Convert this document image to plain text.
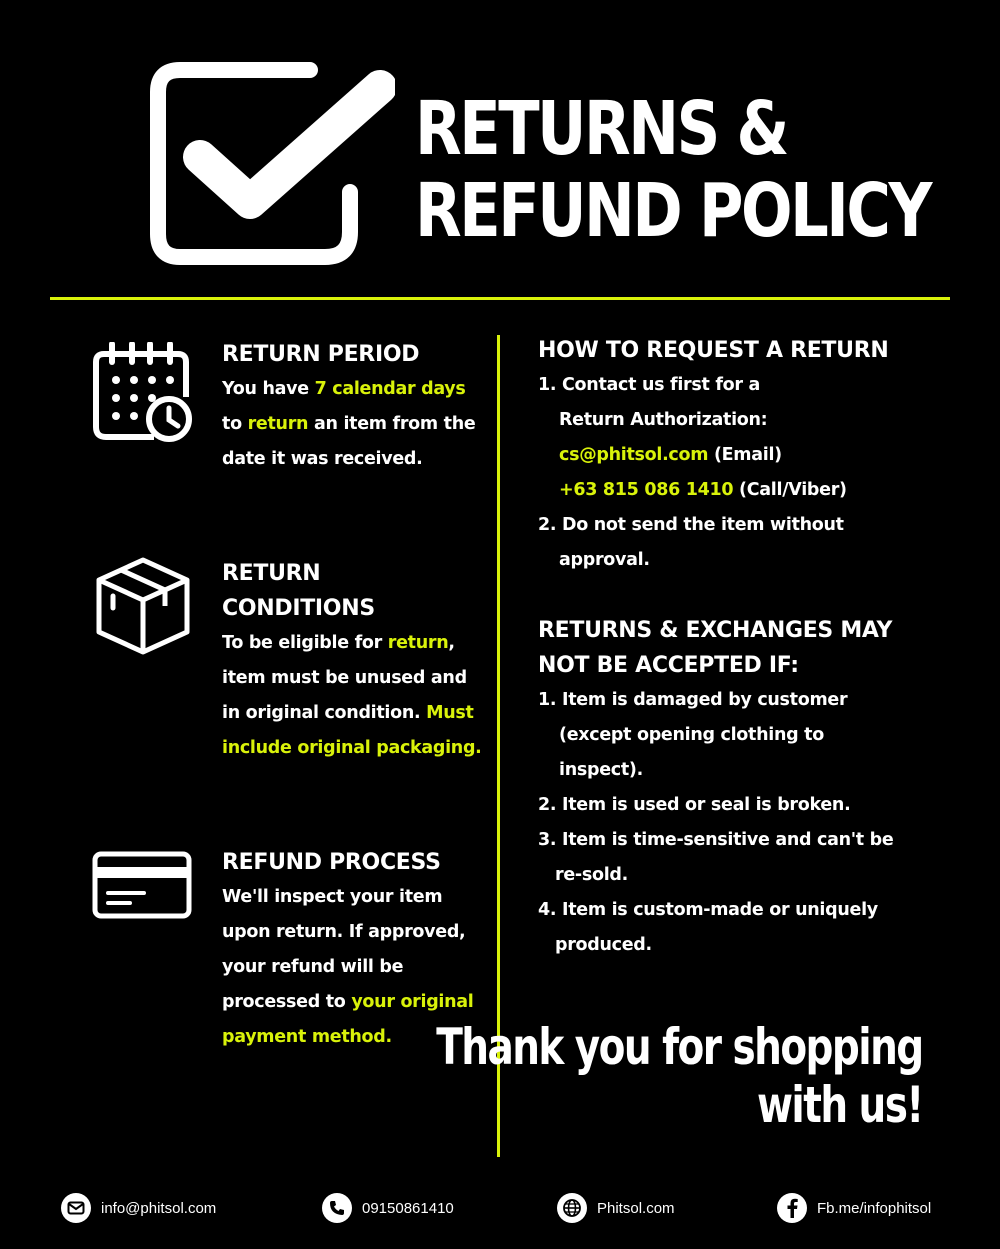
RETURNS &
REFUND POLICY

RETURN PERIOD

You have 7 calendar days to return an item from the date it was received.

RETURN

CONDITIONS

To be eligible for return, item must be unused and in original condition. Must include original packaging.

REFUND PROCESS

We'll inspect your item upon return. If approved, your refund will be processed to your original payment method.

HOW TO REQUEST A RETURN

1. Contact us first for a

Return Authorization:

cs@phitsol.com (Email)

+63 815 086 1410 (Call/Viber)

2. Do not send the item without

approval.

RETURNS & EXCHANGES MAY

NOT BE ACCEPTED IF:

1. Item is damaged by customer

(except opening clothing to

inspect).

2. Item is used or seal is broken.

3. Item is time-sensitive and can't be

re-sold.

4. Item is custom-made or uniquely

produced.

Thank you for shopping
with us!
info@phitsol.com	09150861410	Phitsol.com	Fb.me/infophitsol
